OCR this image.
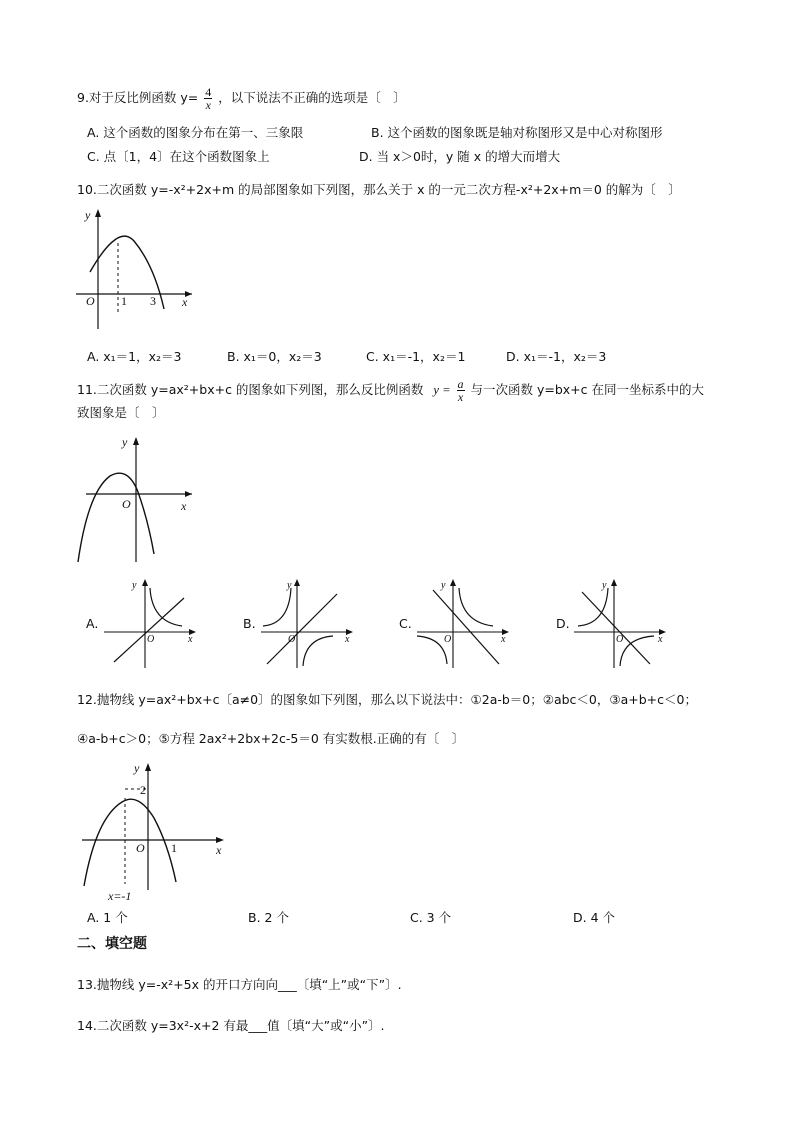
9.对于反比例函数 $y= \frac{4}{x}$ ，以下说法不正确的选项是〔　〕
A. 这个函数的图象分布在第一、三象限	B. 这个函数的图象既是轴对称图形又是中心对称图形
C. 点〔1，4〕在这个函数图象上	D. 当 x＞0时，y 随 x 的增大而增大
10.二次函数 y=-x²+2x+m 的局部图象如下列图，那么关于 x 的一元二次方程-x²+2x+m＝0 的解为〔　〕
y
x
O 1 3
A. x₁＝1，x₂＝3	B. x₁＝0，x₂＝3	C. x₁＝-1，x₂＝1	D. x₁＝-1，x₂＝3
11.二次函数 y=ax²+bx+c 的图象如下列图，那么反比例函数 $y = \frac{a}{x}$ 与一次函数 y=bx+c 在同一坐标系中的大
致图象是〔　〕
y
x
O
A.
y
x
O
B.
y
x
O
C.
y
x
O
D.
y
x
O
12.抛物线 y=ax²+bx+c〔a≠0〕的图象如下列图，那么以下说法中：①2a-b＝0；②abc＜0，③a+b+c＜0；
④a-b+c＞0；⑤方程 2ax²+2bx+2c-5＝0 有实数根.正确的有〔　〕
y
2
x
O 1
x=-1
A. 1 个	B. 2 个	C. 3 个	D. 4 个
二、填空题
13.抛物线 y=-x²+5x 的开口方向向___〔填“上”或“下”〕.
14.二次函数 y=3x²-x+2 有最___值〔填“大”或“小”〕.
